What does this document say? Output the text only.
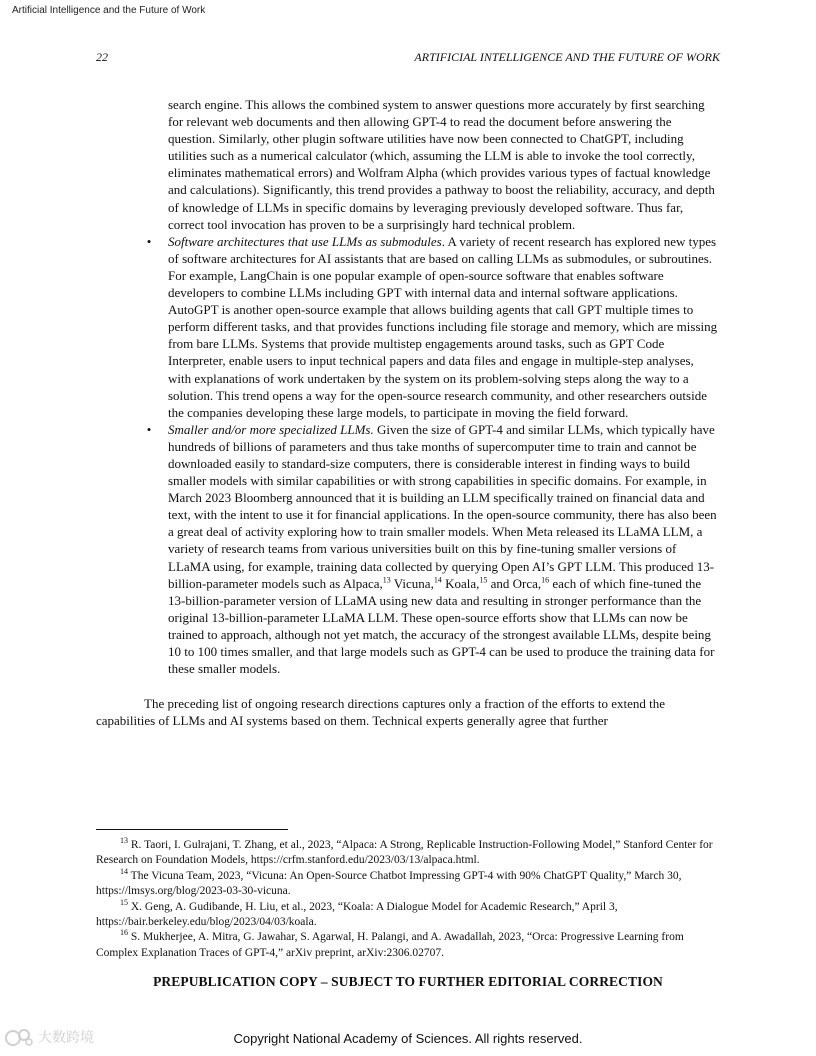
Artificial Intelligence and the Future of Work
22	ARTIFICIAL INTELLIGENCE AND THE FUTURE OF WORK

search engine. This allows the combined system to answer questions more accurately by first searching for relevant web documents and then allowing GPT-4 to read the document before answering the question. Similarly, other plugin software utilities have now been connected to ChatGPT, including utilities such as a numerical calculator (which, assuming the LLM is able to invoke the tool correctly, eliminates mathematical errors) and Wolfram Alpha (which provides various types of factual knowledge and calculations). Significantly, this trend provides a pathway to boost the reliability, accuracy, and depth of knowledge of LLMs in specific domains by leveraging previously developed software. Thus far, correct tool invocation has proven to be a surprisingly hard technical problem.

• Software architectures that use LLMs as submodules. A variety of recent research has explored new types of software architectures for AI assistants that are based on calling LLMs as submodules, or subroutines. For example, LangChain is one popular example of open-source software that enables software developers to combine LLMs including GPT with internal data and internal software applications. AutoGPT is another open-source example that allows building agents that call GPT multiple times to perform different tasks, and that provides functions including file storage and memory, which are missing from bare LLMs. Systems that provide multistep engagements around tasks, such as GPT Code Interpreter, enable users to input technical papers and data files and engage in multiple-step analyses, with explanations of work undertaken by the system on its problem-solving steps along the way to a solution. This trend opens a way for the open-source research community, and other researchers outside the companies developing these large models, to participate in moving the field forward.
• Smaller and/or more specialized LLMs. Given the size of GPT-4 and similar LLMs, which typically have hundreds of billions of parameters and thus take months of supercomputer time to train and cannot be downloaded easily to standard-size computers, there is considerable interest in finding ways to build smaller models with similar capabilities or with strong capabilities in specific domains. For example, in March 2023 Bloomberg announced that it is building an LLM specifically trained on financial data and text, with the intent to use it for financial applications. In the open-source community, there has also been a great deal of activity exploring how to train smaller models. When Meta released its LLaMA LLM, a variety of research teams from various universities built on this by fine-tuning smaller versions of LLaMA using, for example, training data collected by querying Open AI’s GPT LLM. This produced 13-billion-parameter models such as Alpaca,$^{13}$ Vicuna,$^{14}$ Koala,$^{15}$ and Orca,$^{16}$ each of which fine-tuned the 13-billion-parameter version of LLaMA using new data and resulting in stronger performance than the original 13-billion-parameter LLaMA LLM. These open-source efforts show that LLMs can now be trained to approach, although not yet match, the accuracy of the strongest available LLMs, despite being 10 to 100 times smaller, and that large models such as GPT-4 can be used to produce the training data for these smaller models.

The preceding list of ongoing research directions captures only a fraction of the efforts to extend the capabilities of LLMs and AI systems based on them. Technical experts generally agree that further

$^{13}$ R. Taori, I. Gulrajani, T. Zhang, et al., 2023, “Alpaca: A Strong, Replicable Instruction-Following Model,” Stanford Center for Research on Foundation Models, https://crfm.stanford.edu/2023/03/13/alpaca.html.

$^{14}$ The Vicuna Team, 2023, “Vicuna: An Open-Source Chatbot Impressing GPT-4 with 90% ChatGPT Quality,” March 30, https://lmsys.org/blog/2023-03-30-vicuna.

$^{15}$ X. Geng, A. Gudibande, H. Liu, et al., 2023, “Koala: A Dialogue Model for Academic Research,” April 3, https://bair.berkeley.edu/blog/2023/04/03/koala.

$^{16}$ S. Mukherjee, A. Mitra, G. Jawahar, S. Agarwal, H. Palangi, and A. Awadallah, 2023, “Orca: Progressive Learning from Complex Explanation Traces of GPT-4,” arXiv preprint, arXiv:2306.02707.

PREPUBLICATION COPY – SUBJECT TO FURTHER EDITORIAL CORRECTION
大数跨境	Copyright National Academy of Sciences. All rights reserved.
